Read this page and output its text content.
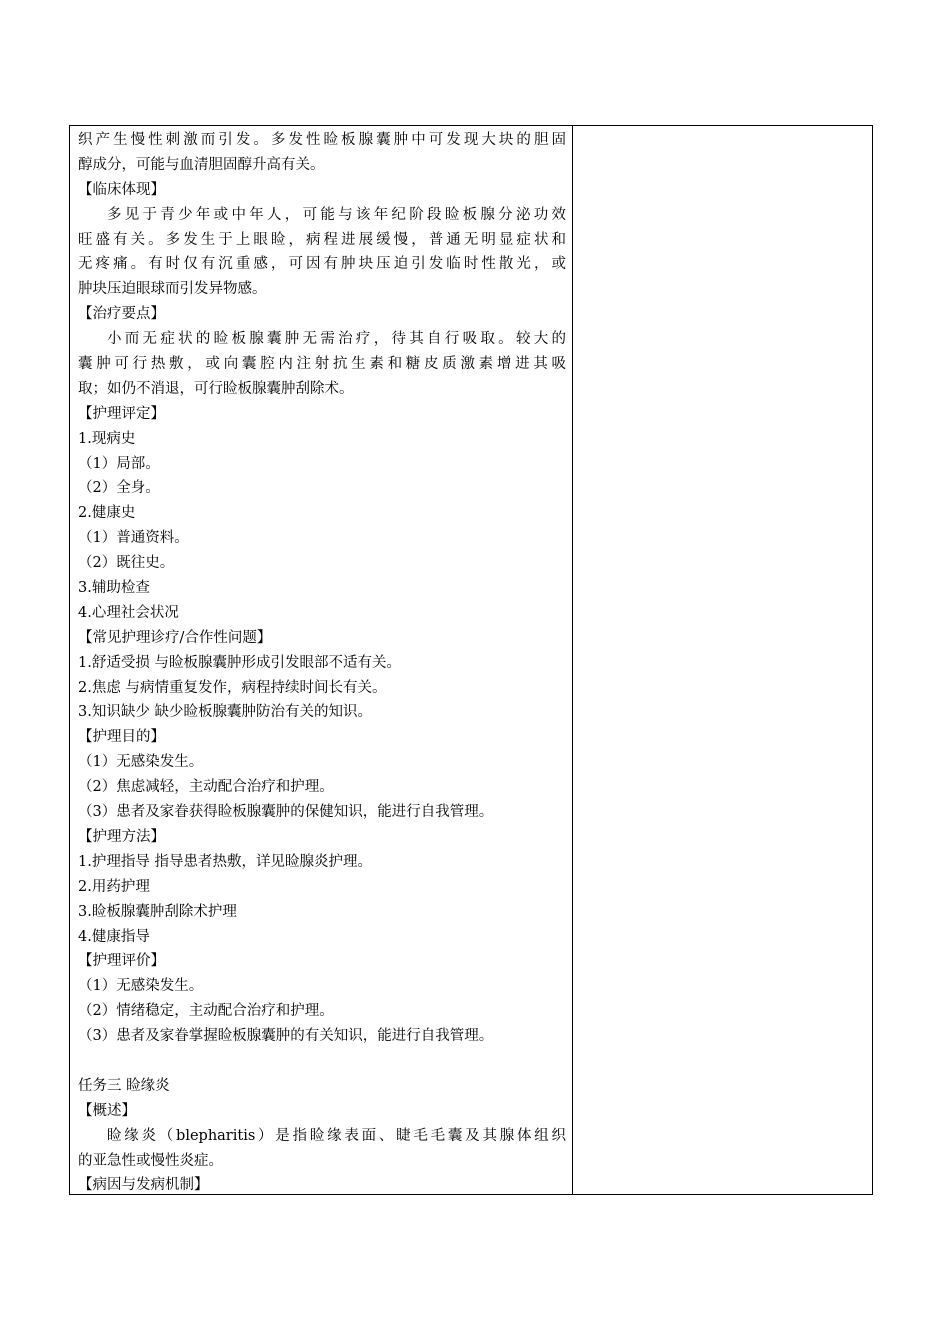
织产生慢性刺激而引发。多发性睑板腺囊肿中可发现大块的胆固
醇成分，可能与血清胆固醇升高有关。
【临床体现】
多见于青少年或中年人，可能与该年纪阶段睑板腺分泌功效
旺盛有关。多发生于上眼睑，病程进展缓慢，普通无明显症状和
无疼痛。有时仅有沉重感，可因有肿块压迫引发临时性散光，或
肿块压迫眼球而引发异物感。
【治疗要点】
小而无症状的睑板腺囊肿无需治疗，待其自行吸取。较大的
囊肿可行热敷，或向囊腔内注射抗生素和糖皮质激素增进其吸
取；如仍不消退，可行睑板腺囊肿刮除术。
【护理评定】
1.现病史
（1）局部。
（2）全身。
2.健康史
（1）普通资料。
（2）既往史。
3.辅助检查
4.心理社会状况
【常见护理诊疗/合作性问题】
1.舒适受损 与睑板腺囊肿形成引发眼部不适有关。
2.焦虑 与病情重复发作，病程持续时间长有关。
3.知识缺少 缺少睑板腺囊肿防治有关的知识。
【护理目的】
（1）无感染发生。
（2）焦虑减轻，主动配合治疗和护理。
（3）患者及家眷获得睑板腺囊肿的保健知识，能进行自我管理。
【护理方法】
1.护理指导 指导患者热敷，详见睑腺炎护理。
2.用药护理
3.睑板腺囊肿刮除术护理
4.健康指导
【护理评价】
（1）无感染发生。
（2）情绪稳定，主动配合治疗和护理。
（3）患者及家眷掌握睑板腺囊肿的有关知识，能进行自我管理。
任务三 睑缘炎
【概述】
睑缘炎（blepharitis）是指睑缘表面、睫毛毛囊及其腺体组织
的亚急性或慢性炎症。
【病因与发病机制】
